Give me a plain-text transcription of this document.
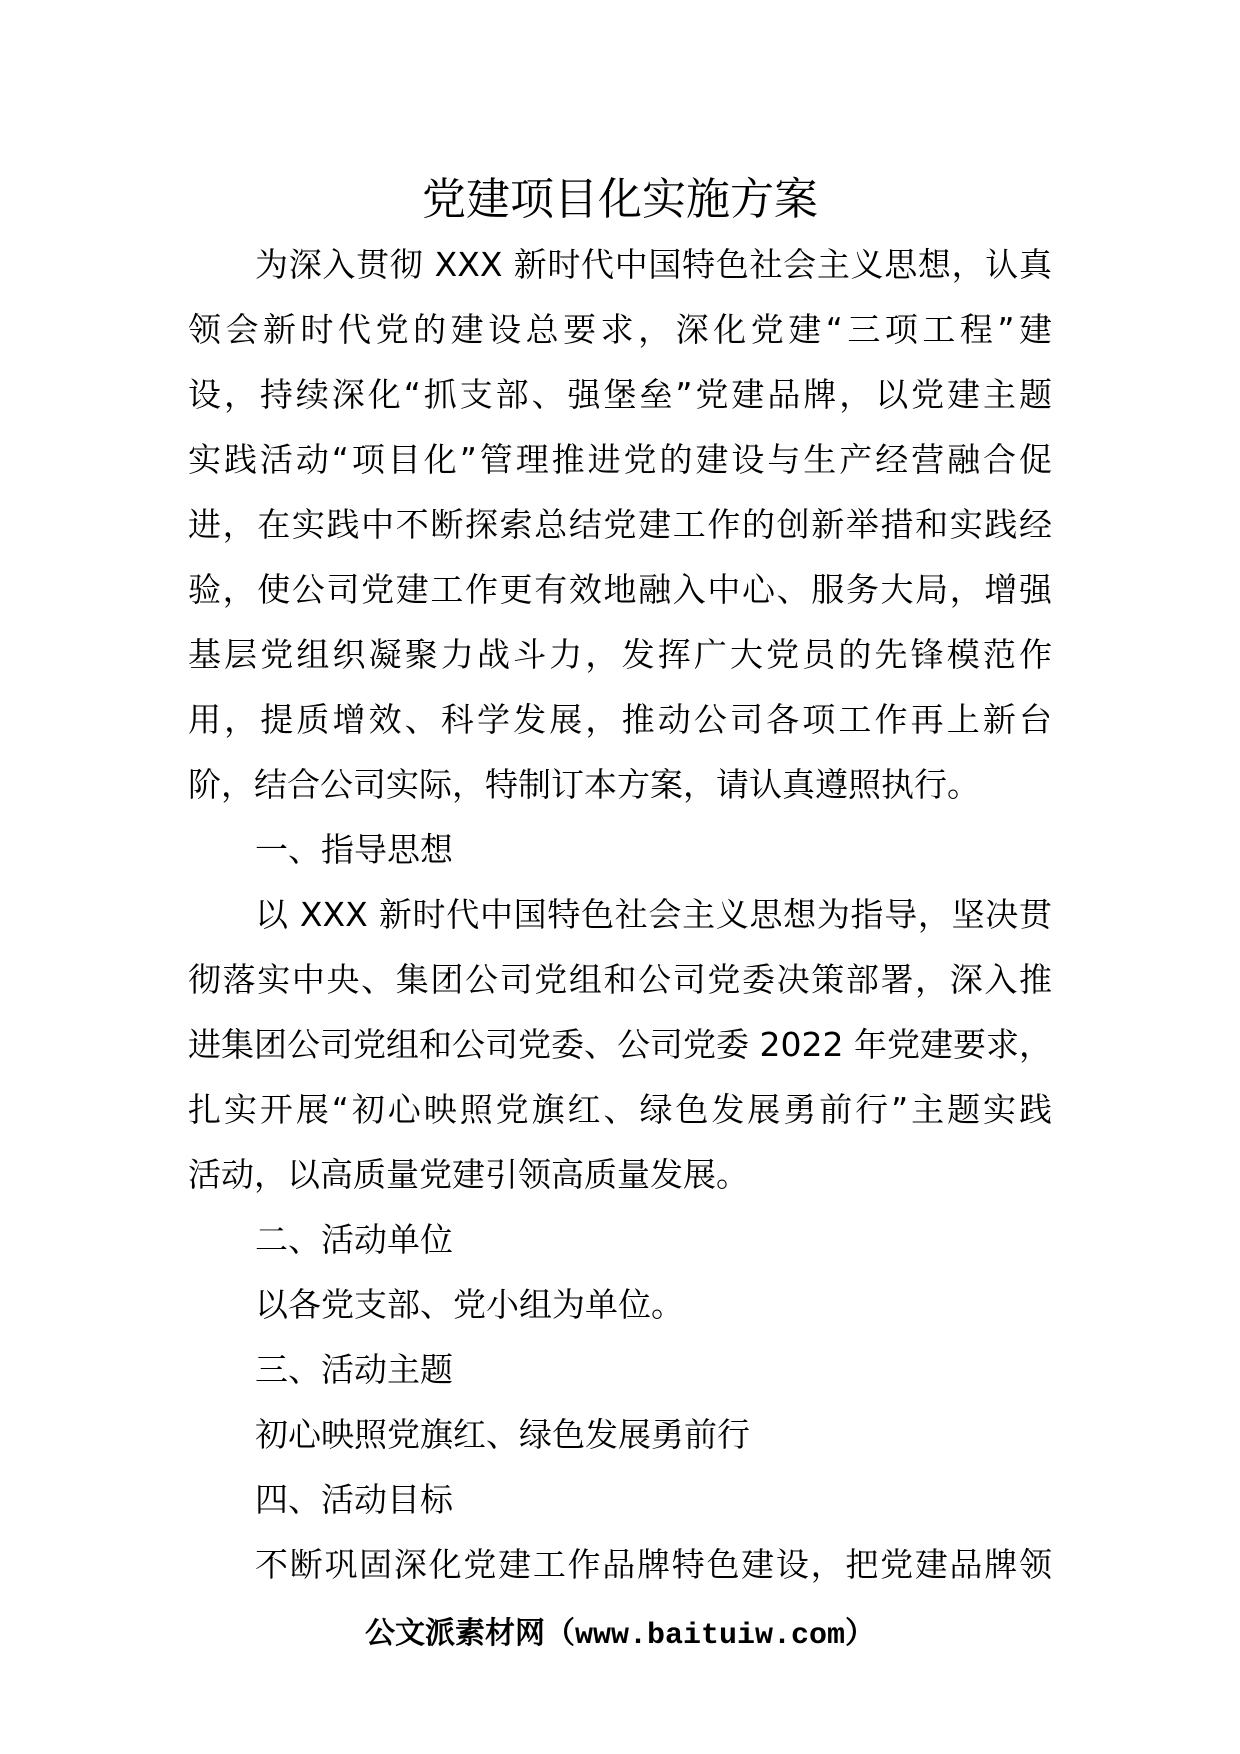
党建项目化实施方案
为深入贯彻 XXX 新时代中国特色社会主义思想，认真
领会新时代党的建设总要求，深化党建“三项工程”建
设，持续深化“抓支部、强堡垒”党建品牌，以党建主题
实践活动“项目化”管理推进党的建设与生产经营融合促
进，在实践中不断探索总结党建工作的创新举措和实践经
验，使公司党建工作更有效地融入中心、服务大局，增强
基层党组织凝聚力战斗力，发挥广大党员的先锋模范作
用，提质增效、科学发展，推动公司各项工作再上新台
阶，结合公司实际，特制订本方案，请认真遵照执行。
一、指导思想
以 XXX 新时代中国特色社会主义思想为指导，坚决贯
彻落实中央、集团公司党组和公司党委决策部署，深入推
进集团公司党组和公司党委、公司党委 2022 年党建要求，
扎实开展“初心映照党旗红、绿色发展勇前行”主题实践
活动，以高质量党建引领高质量发展。
二、活动单位
以各党支部、党小组为单位。
三、活动主题
初心映照党旗红、绿色发展勇前行
四、活动目标
不断巩固深化党建工作品牌特色建设，把党建品牌领
公文派素材网（www.baituiw.com）
